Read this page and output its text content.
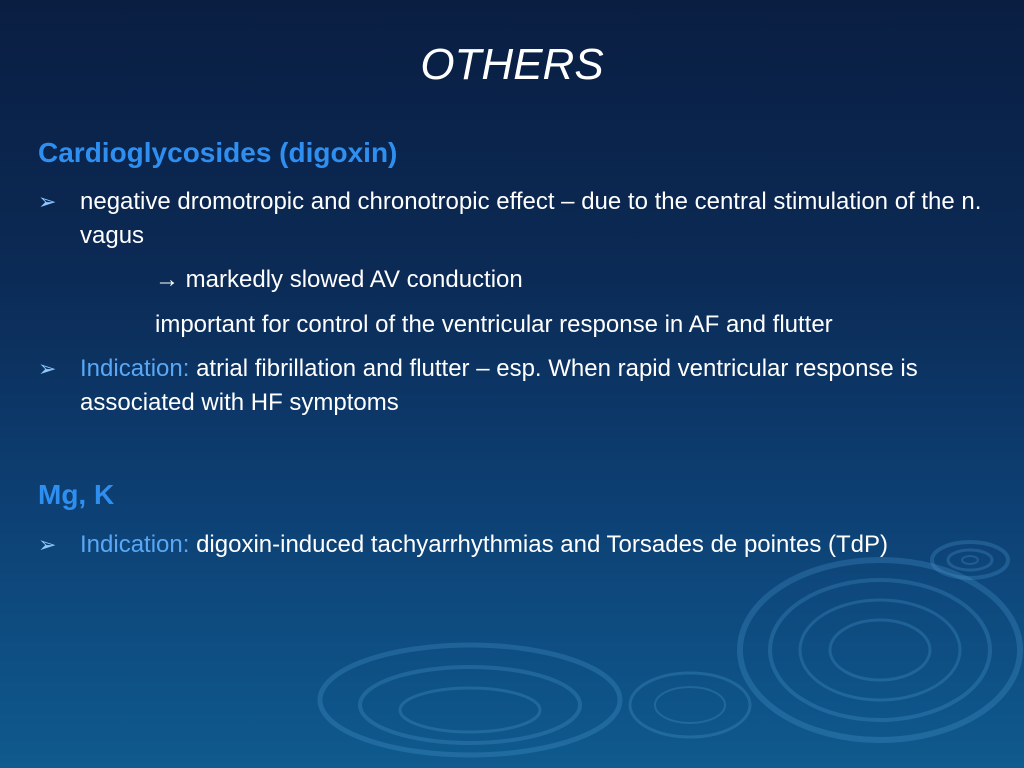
OTHERS
Cardioglycosides (digoxin)
➢ negative dromotropic and chronotropic effect – due to the central stimulation of the n. vagus
→ markedly slowed AV conduction
important for control of the ventricular response in AF and flutter
➢ Indication: atrial fibrillation and flutter – esp. When rapid ventricular response is associated with HF symptoms
Mg, K
➢ Indication: digoxin-induced tachyarrhythmias and Torsades de pointes (TdP)
